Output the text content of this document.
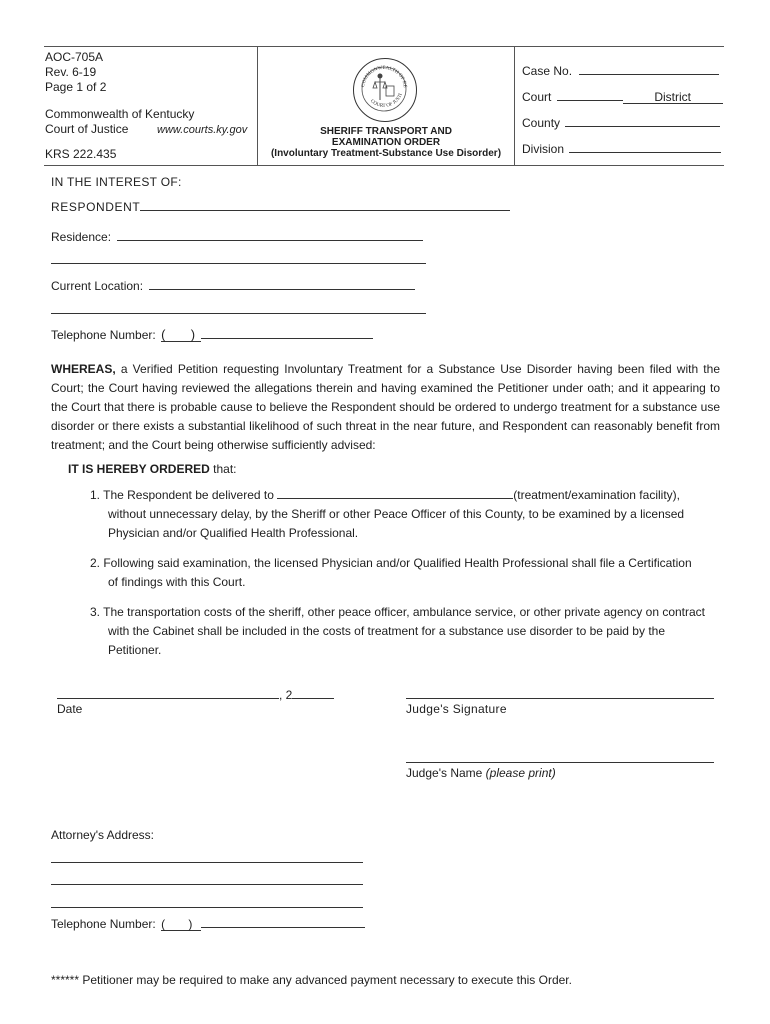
AOC-705A
Rev. 6-19
Page 1 of 2
Commonwealth of Kentucky
Court of Justice	www.courts.ky.gov
KRS 222.435
COMMONWEALTH OF KE
COURT OF JUSTI
SHERIFF TRANSPORT AND
EXAMINATION ORDER
(Involuntary Treatment-Substance Use Disorder)
Case No.
Court	District
County
Division
IN THE INTEREST OF:
RESPONDENT
Residence:
Current Location:
Telephone Number: ( )
WHEREAS, a Verified Petition requesting Involuntary Treatment for a Substance Use Disorder having been filed with the Court; the Court having reviewed the allegations therein and having examined the Petitioner under oath; and it appearing to the Court that there is probable cause to believe the Respondent should be ordered to undergo treatment for a substance use disorder or there exists a substantial likelihood of such threat in the near future, and Respondent can reasonably benefit from treatment; and the Court being otherwise sufficiently advised:
IT IS HEREBY ORDERED that:
1. The Respondent be delivered to	(treatment/examination facility),
without unnecessary delay, by the Sheriff or other Peace Officer of this County, to be examined by a licensed Physician and/or Qualified Health Professional.
2. Following said examination, the licensed Physician and/or Qualified Health Professional shall file a Certification
of findings with this Court.
3. The transportation costs of the sheriff, other peace officer, ambulance service, or other private agency on contract
with the Cabinet shall be included in the costs of treatment for a substance use disorder to be paid by the Petitioner.
, 2
Date	Judge's Signature
Judge's Name (please print)
Attorney's Address:
Telephone Number: ( )
****** Petitioner may be required to make any advanced payment necessary to execute this Order.
